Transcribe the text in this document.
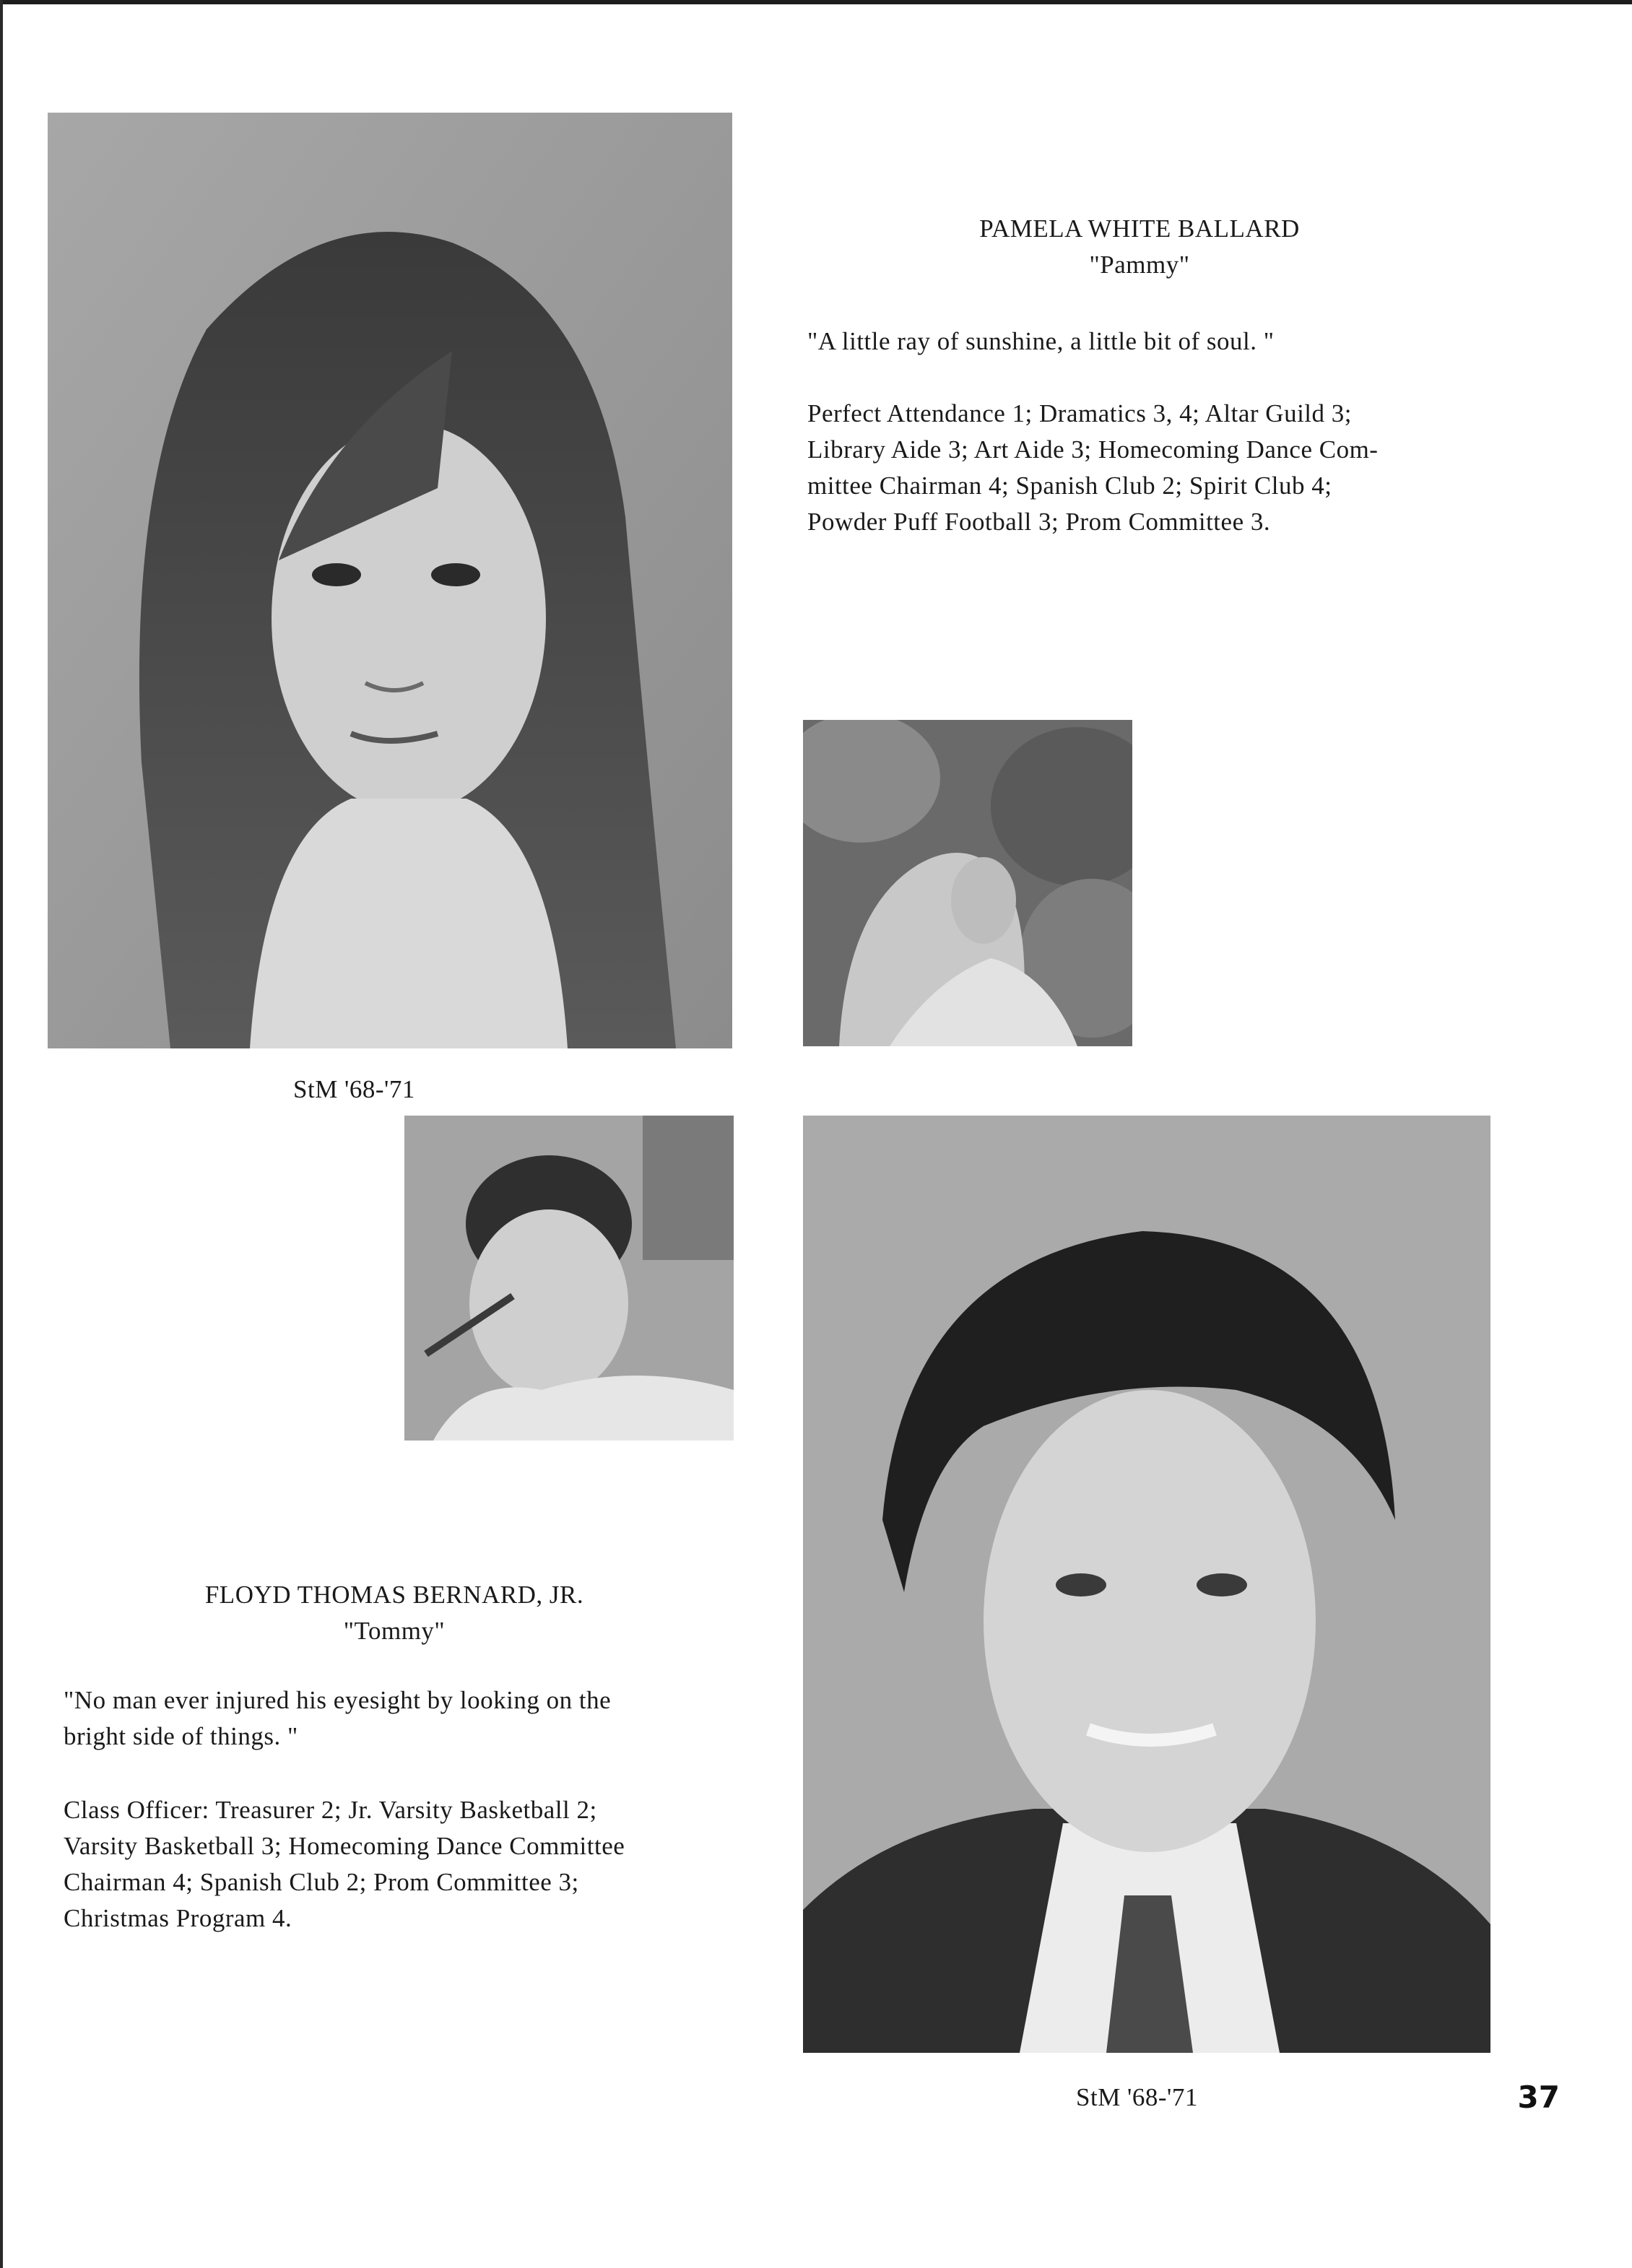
PAMELA WHITE BALLARD
"Pammy"
"A little ray of sunshine, a little bit of soul. "
Perfect Attendance 1; Dramatics 3, 4; Altar Guild 3;
Library Aide 3; Art Aide 3; Homecoming Dance Com-
mittee Chairman 4; Spanish Club 2; Spirit Club 4;
Powder Puff Football 3; Prom Committee 3.
StM '68-'71
FLOYD THOMAS BERNARD, JR.
"Tommy"
"No man ever injured his eyesight by looking on the
bright side of things. "
Class Officer: Treasurer 2; Jr. Varsity Basketball 2;
Varsity Basketball 3; Homecoming Dance Committee
Chairman 4; Spanish Club 2; Prom Committee 3;
Christmas Program 4.
StM '68-'71	37
